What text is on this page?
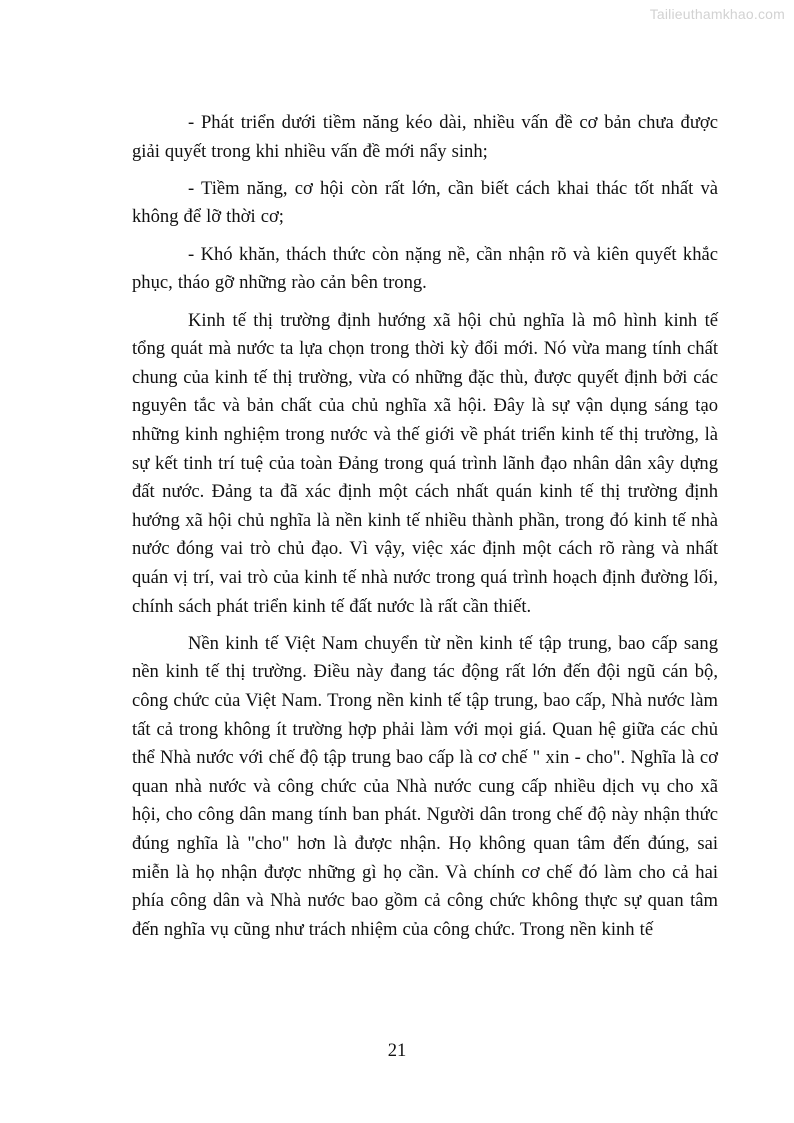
Tailieuthamkhao.com

- Phát triển dưới tiềm năng kéo dài, nhiều vấn đề cơ bản chưa được giải quyết trong khi nhiều vấn đề mới nẩy sinh;

- Tiềm năng, cơ hội còn rất lớn, cần biết cách khai thác tốt nhất và không để lỡ thời cơ;

- Khó khăn, thách thức còn nặng nề, cần nhận rõ và kiên quyết khắc phục, tháo gỡ những rào cản bên trong.

Kinh tế thị trường định hướng xã hội chủ nghĩa là mô hình kinh tế tổng quát mà nước ta lựa chọn trong thời kỳ đổi mới. Nó vừa mang tính chất chung của kinh tế thị trường, vừa có những đặc thù, được quyết định bởi các nguyên tắc và bản chất của chủ nghĩa xã hội. Đây là sự vận dụng sáng tạo những kinh nghiệm trong nước và thế giới về phát triển kinh tế thị trường, là sự kết tinh trí tuệ của toàn Đảng trong quá trình lãnh đạo nhân dân xây dựng đất nước. Đảng ta đã xác định một cách nhất quán kinh tế thị trường định hướng xã hội chủ nghĩa là nền kinh tế nhiều thành phần, trong đó kinh tế nhà nước đóng vai trò chủ đạo. Vì vậy, việc xác định một cách rõ ràng và nhất quán vị trí, vai trò của kinh tế nhà nước trong quá trình hoạch định đường lối, chính sách phát triển kinh tế đất nước là rất cần thiết.

Nền kinh tế Việt Nam chuyển từ nền kinh tế tập trung, bao cấp sang nền kinh tế thị trường. Điều này đang tác động rất lớn đến đội ngũ cán bộ, công chức của Việt Nam. Trong nền kinh tế tập trung, bao cấp, Nhà nước làm tất cả trong không ít trường hợp phải làm với mọi giá. Quan hệ giữa các chủ thể Nhà nước với chế độ tập trung bao cấp là cơ chế " xin - cho". Nghĩa là cơ quan nhà nước và công chức của Nhà nước cung cấp nhiều dịch vụ cho xã hội, cho công dân mang tính ban phát. Người dân trong chế độ này nhận thức đúng nghĩa là "cho" hơn là được nhận. Họ không quan tâm đến đúng, sai miễn là họ nhận được những gì họ cần. Và chính cơ chế đó làm cho cả hai phía công dân và Nhà nước bao gồm cả công chức không thực sự quan tâm đến nghĩa vụ cũng như trách nhiệm của công chức. Trong nền kinh tế

21
